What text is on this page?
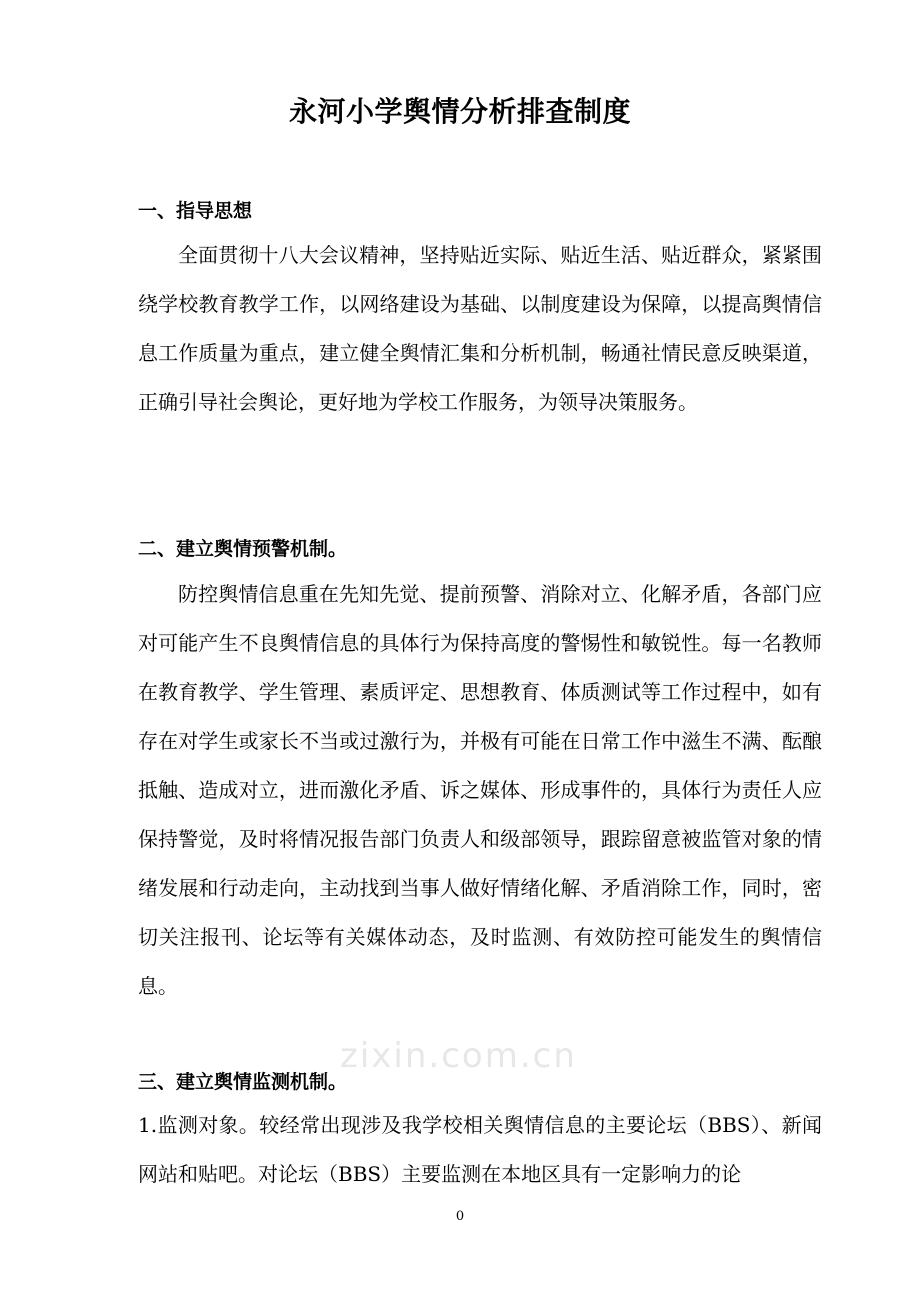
永河小学舆情分析排查制度
一、指导思想

全面贯彻十八大会议精神，坚持贴近实际、贴近生活、贴近群众，紧紧围绕学校教育教学工作，以网络建设为基础、以制度建设为保障，以提高舆情信息工作质量为重点，建立健全舆情汇集和分析机制，畅通社情民意反映渠道，正确引导社会舆论，更好地为学校工作服务，为领导决策服务。

二、建立舆情预警机制。

防控舆情信息重在先知先觉、提前预警、消除对立、化解矛盾，各部门应对可能产生不良舆情信息的具体行为保持高度的警惕性和敏锐性。每一名教师在教育教学、学生管理、素质评定、思想教育、体质测试等工作过程中，如有存在对学生或家长不当或过激行为，并极有可能在日常工作中滋生不满、酝酿抵触、造成对立，进而激化矛盾、诉之媒体、形成事件的，具体行为责任人应保持警觉，及时将情况报告部门负责人和级部领导，跟踪留意被监管对象的情绪发展和行动走向，主动找到当事人做好情绪化解、矛盾消除工作，同时，密切关注报刊、论坛等有关媒体动态，及时监测、有效防控可能发生的舆情信息。

三、建立舆情监测机制。

1.监测对象。较经常出现涉及我学校相关舆情信息的主要论坛（BBS）、新闻网站和贴吧。对论坛（BBS）主要监测在本地区具有一定影响力的论

zixin.com.cn
0
